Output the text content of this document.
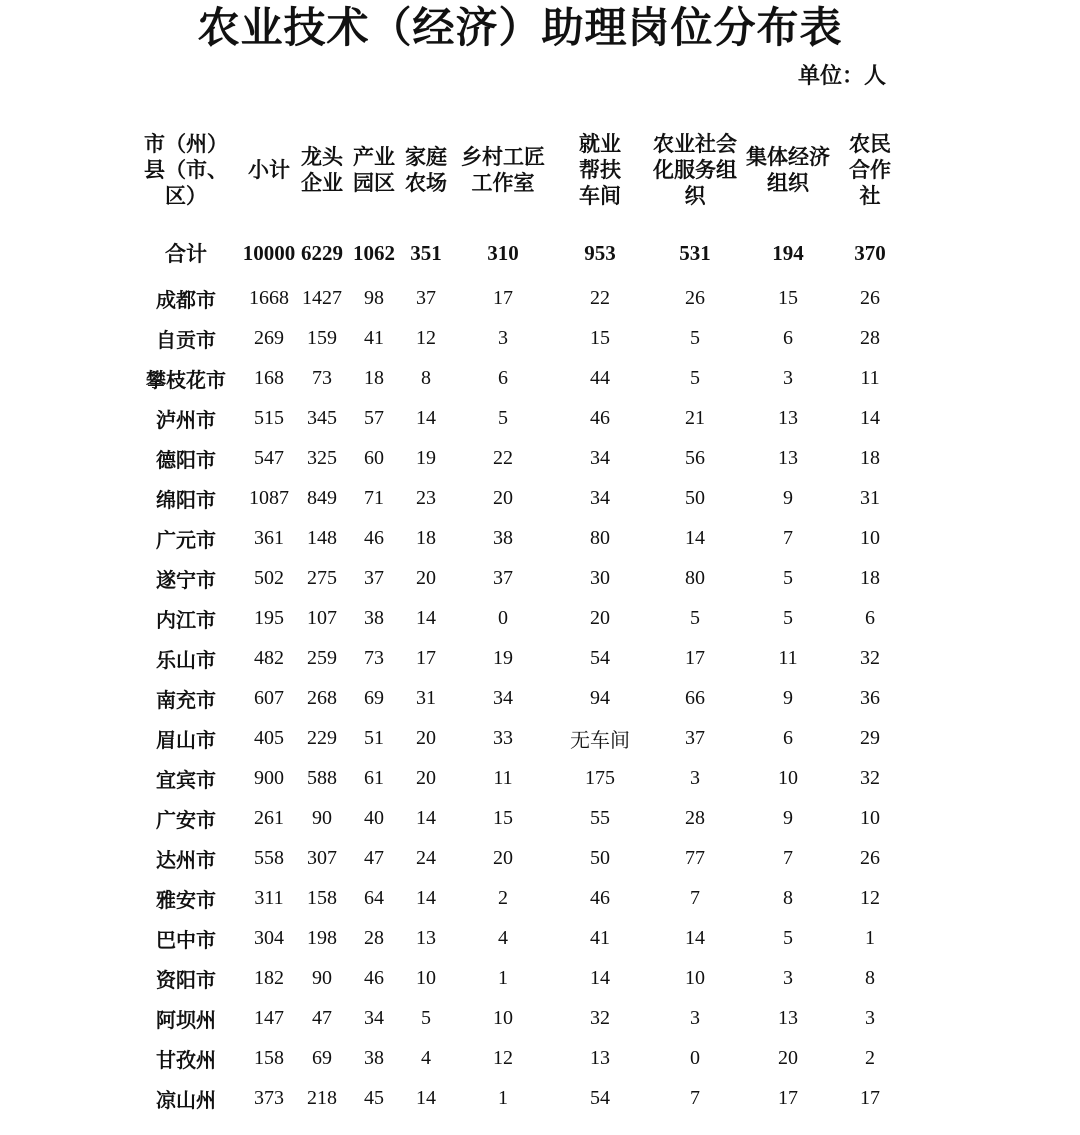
农业技术（经济）助理岗位分布表
单位：人
市（州）县（市、区）	小计	龙头企业	产业园区	家庭农场	乡村工匠工作室	就业帮扶车间	农业社会化服务组织	集体经济组织	农民合作社
合计	10000	6229	1062	351	310	953	531	194	370
成都市	1668	1427	98	37	17	22	26	15	26
自贡市	269	159	41	12	3	15	5	6	28
攀枝花市	168	73	18	8	6	44	5	3	11
泸州市	515	345	57	14	5	46	21	13	14
德阳市	547	325	60	19	22	34	56	13	18
绵阳市	1087	849	71	23	20	34	50	9	31
广元市	361	148	46	18	38	80	14	7	10
遂宁市	502	275	37	20	37	30	80	5	18
内江市	195	107	38	14	0	20	5	5	6
乐山市	482	259	73	17	19	54	17	11	32
南充市	607	268	69	31	34	94	66	9	36
眉山市	405	229	51	20	33	无车间	37	6	29
宜宾市	900	588	61	20	11	175	3	10	32
广安市	261	90	40	14	15	55	28	9	10
达州市	558	307	47	24	20	50	77	7	26
雅安市	311	158	64	14	2	46	7	8	12
巴中市	304	198	28	13	4	41	14	5	1
资阳市	182	90	46	10	1	14	10	3	8
阿坝州	147	47	34	5	10	32	3	13	3
甘孜州	158	69	38	4	12	13	0	20	2
凉山州	373	218	45	14	1	54	7	17	17
